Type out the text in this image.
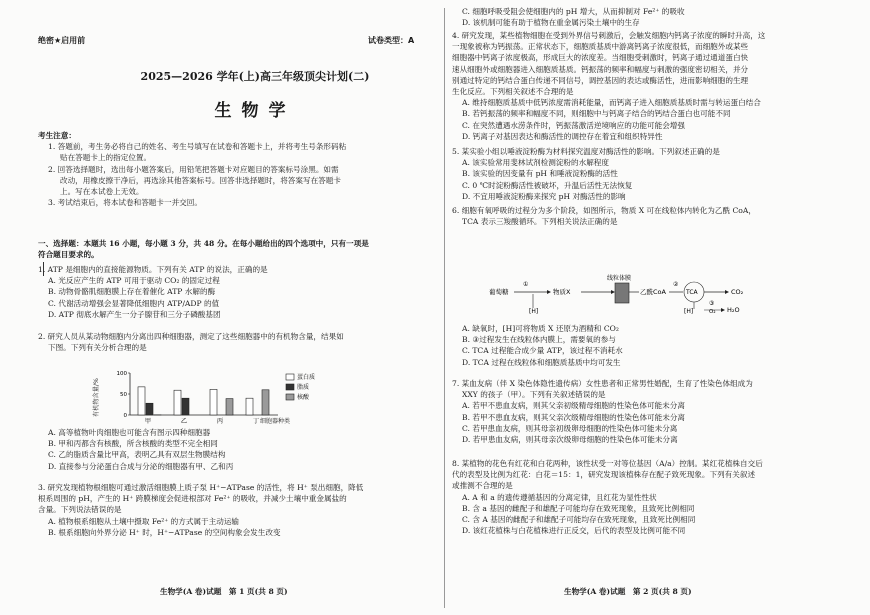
绝密★启用前	试卷类型：A
2025—2026 学年(上)高三年级顶尖计划(二)
生物学
考生注意：
1. 答题前，考生务必将自己的姓名、考生号填写在试卷和答题卡上，并将考生号条形码粘
贴在答题卡上的指定位置。
2. 回答选择题时，选出每小题答案后，用铅笔把答题卡对应题目的答案标号涂黑。如需
改动，用橡皮擦干净后，再选涂其他答案标号。回答非选择题时，将答案写在答题卡
上。写在本试卷上无效。
3. 考试结束后，将本试卷和答题卡一并交回。
一、选择题：本题共 16 小题，每小题 3 分，共 48 分。在每小题给出的四个选项中，只有一项是
符合题目要求的。
1. ATP 是细胞内的直接能源物质。下列有关 ATP 的说法，正确的是
A. 光反应产生的 ATP 可用于驱动 CO₂ 的固定过程
B. 动物骨骼肌细胞膜上存在着催化 ATP 水解的酶
C. 代谢活动增强会显著降低细胞内 ATP/ADP 的值
D. ATP 彻底水解产生一分子腺苷和三分子磷酸基团
2. 研究人员从某动物细胞内分离出四种细胞器，测定了这些细胞器中的有机物含量，结果如
下图。下列有关分析合理的是
有机物含量/%
100
50
0
甲	乙	丙	丁 细胞器种类
蛋白质
脂质
核酸
A. 高等植物叶肉细胞也可能含有图示四种细胞器
B. 甲和丙都含有核酸，所含核酸的类型不完全相同
C. 乙的脂质含量比甲高，表明乙具有双层生物膜结构
D. 直接参与分泌蛋白合成与分泌的细胞器有甲、乙和丙
3. 研究发现植物根细胞可通过激活细胞膜上质子泵 H⁺−ATPase 的活性，将 H⁺ 泵出细胞，降低
根系周围的 pH，产生的 H⁺ 跨膜梯度会促进根部对 Fe²⁺ 的吸收，并减少土壤中重金属盐的
含量。下列说法错误的是
A. 植物根系细胞从土壤中摄取 Fe²⁺ 的方式属于主动运输
B. 根系细胞向外界分泌 H⁺ 时，H⁺−ATPase 的空间构象会发生改变
生物学(A 卷)试题　第 1 页(共 8 页)
C. 细胞呼吸受阻会使细胞内的 pH 增大，从而抑制对 Fe²⁺ 的吸收
D. 该机制可能有助于植物在重金属污染土壤中的生存
4. 研究发现，某些植物细胞在受到外界信号刺激后，会触发细胞内钙离子浓度的瞬时升高，这
一现象被称为钙振荡。正常状态下，细胞质基质中游离钙离子浓度很低，而细胞外或某些
细胞器中钙离子浓度极高，形成巨大的浓度差。当细胞受刺激时，钙离子通过通道蛋白快
速从细胞外或细胞器进入细胞质基质。钙振荡的频率和幅度与刺激的强度密切相关，并分
别通过特定的钙结合蛋白传递不同信号，调控基因的表达或酶活性，进而影响细胞的生理
生化反应。下列相关叙述不合理的是
A. 维持细胞质基质中低钙浓度需消耗能量，而钙离子进入细胞质基质时需与转运蛋白结合
B. 若钙振荡的频率和幅度不同，则细胞中与钙离子结合的钙结合蛋白也可能不同
C. 在突然遭遇水涝条件时，钙振荡激活逆境响应的功能可能会增强
D. 钙离子对基因表达和酶活性的调控存在着宜和组织特异性
5. 某实验小组以唾液淀粉酶为材料探究温度对酶活性的影响。下列叙述正确的是
A. 该实验常用斐林试剂检测淀粉的水解程度
B. 该实验的因变量有 pH 和唾液淀粉酶的活性
C. 0 ℃时淀粉酶活性被破坏，升温后活性无法恢复
D. 不宜用唾液淀粉酶来探究 pH 对酶活性的影响
6. 细胞有氧呼吸的过程分为多个阶段，如图所示，物质 X 可在线粒体内转化为乙酰 CoA，
TCA 表示三羧酸循环。下列相关说法正确的是
葡萄糖
①
物质X
[H]
线粒体膜
乙酰CoA
②
TCA	CO₂
[H]
③
O₂ H₂O
A. 缺氧时，[H]可将物质 X 还原为酒精和 CO₂
B. ③过程发生在线粒体内膜上，需要氧的参与
C. TCA 过程能合成少量 ATP，该过程不消耗水
D. TCA 过程在线粒体和细胞质基质中均可发生
7. 某血友病（伴 X 染色体隐性遗传病）女性患者和正常男性婚配，生育了性染色体组成为
XXY 的孩子（甲）。下列有关叙述错误的是
A. 若甲不患血友病，则其父亲初级精母细胞的性染色体可能未分离
B. 若甲不患血友病，则其父亲次级精母细胞的性染色体可能未分离
C. 若甲患血友病，则其母亲初级卵母细胞的性染色体可能未分离
D. 若甲患血友病，则其母亲次级卵母细胞的性染色体可能未分离
8. 某植物的花色有红花和白花两种，该性状受一对等位基因（A/a）控制。某红花植株自交后
代的表型及比例为红花：白花＝15：1，研究发现该植株存在配子致死现象。下列有关叙述
或推测不合理的是
A. A 和 a 的遗传遵循基因的分离定律，且红花为显性性状
B. 含 a 基因的雌配子和雄配子可能均存在致死现象，且致死比例相同
C. 含 A 基因的雌配子和雄配子可能均存在致死现象，且致死比例相同
D. 该红花植株与白花植株进行正反交，后代的表型及比例可能不同
生物学(A 卷)试题　第 2 页(共 8 页)
